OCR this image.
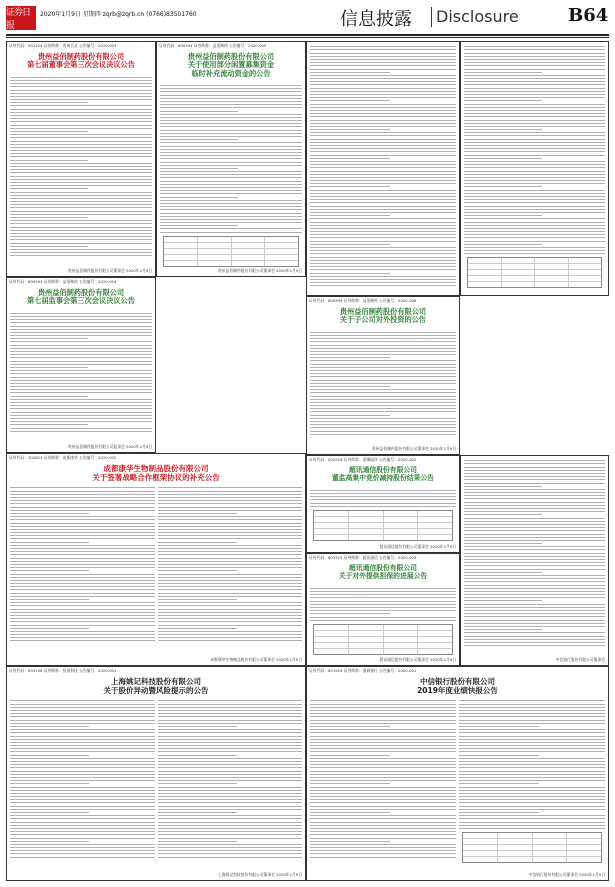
证券日报
2020年1月9日 星期四 zqrb@zqrb.cn (0766)83501760	信息披露 Disclosure	B64
证券代码：002424 证券简称：贵州百灵 公告编号：2020-003
贵州益佰制药股份有限公司
第七届董事会第三次会议决议公告
贵州益佰制药股份有限公司董事会 2020年1月9日
证券代码：600594 证券简称：益佰制药 公告编号：2020-005
贵州益佰制药股份有限公司
关于使用部分闲置募集资金
临时补充流动资金的公告
贵州益佰制药股份有限公司董事会 2020年1月9日
证券代码：600594 证券简称：益佰制药 公告编号：2020-004
贵州益佰制药股份有限公司
第七届监事会第三次会议决议公告
贵州益佰制药股份有限公司监事会 2020年1月9日
证券代码：600594 证券简称：益佰制药 公告编号：2020-006
贵州益佰制药股份有限公司
关于子公司对外投资的公告
贵州益佰制药股份有限公司董事会 2020年1月9日
证券代码：300624 证券简称：成都康华 公告编号：2020-002
成都康华生物制品股份有限公司
关于签署战略合作框架协议的补充公告
成都康华生物制品股份有限公司董事会 2020年1月9日
证券代码：002918 证券简称：蒙娜丽莎 公告编号：2020-002
超讯通信股份有限公司
董监高集中竞价减持股份结果公告
超讯通信股份有限公司董事会 2020年1月9日
证券代码：603322 证券简称：超讯通信 公告编号：2020-003
超讯通信股份有限公司
关于对外提供担保的进展公告
超讯通信股份有限公司董事会 2020年1月9日
证券代码：603106 证券简称：恒银科技 公告编号：2020-001
上海姚记科技股份有限公司
关于股价异动暨风险提示的公告
上海姚记科技股份有限公司董事会 2020年1月9日
证券代码：601916 证券简称：浙商银行 公告编号：2020-001
中信银行股份有限公司
2019年度业绩快报公告
中信银行股份有限公司董事会 2020年1月9日
中信银行股份有限公司董事会
